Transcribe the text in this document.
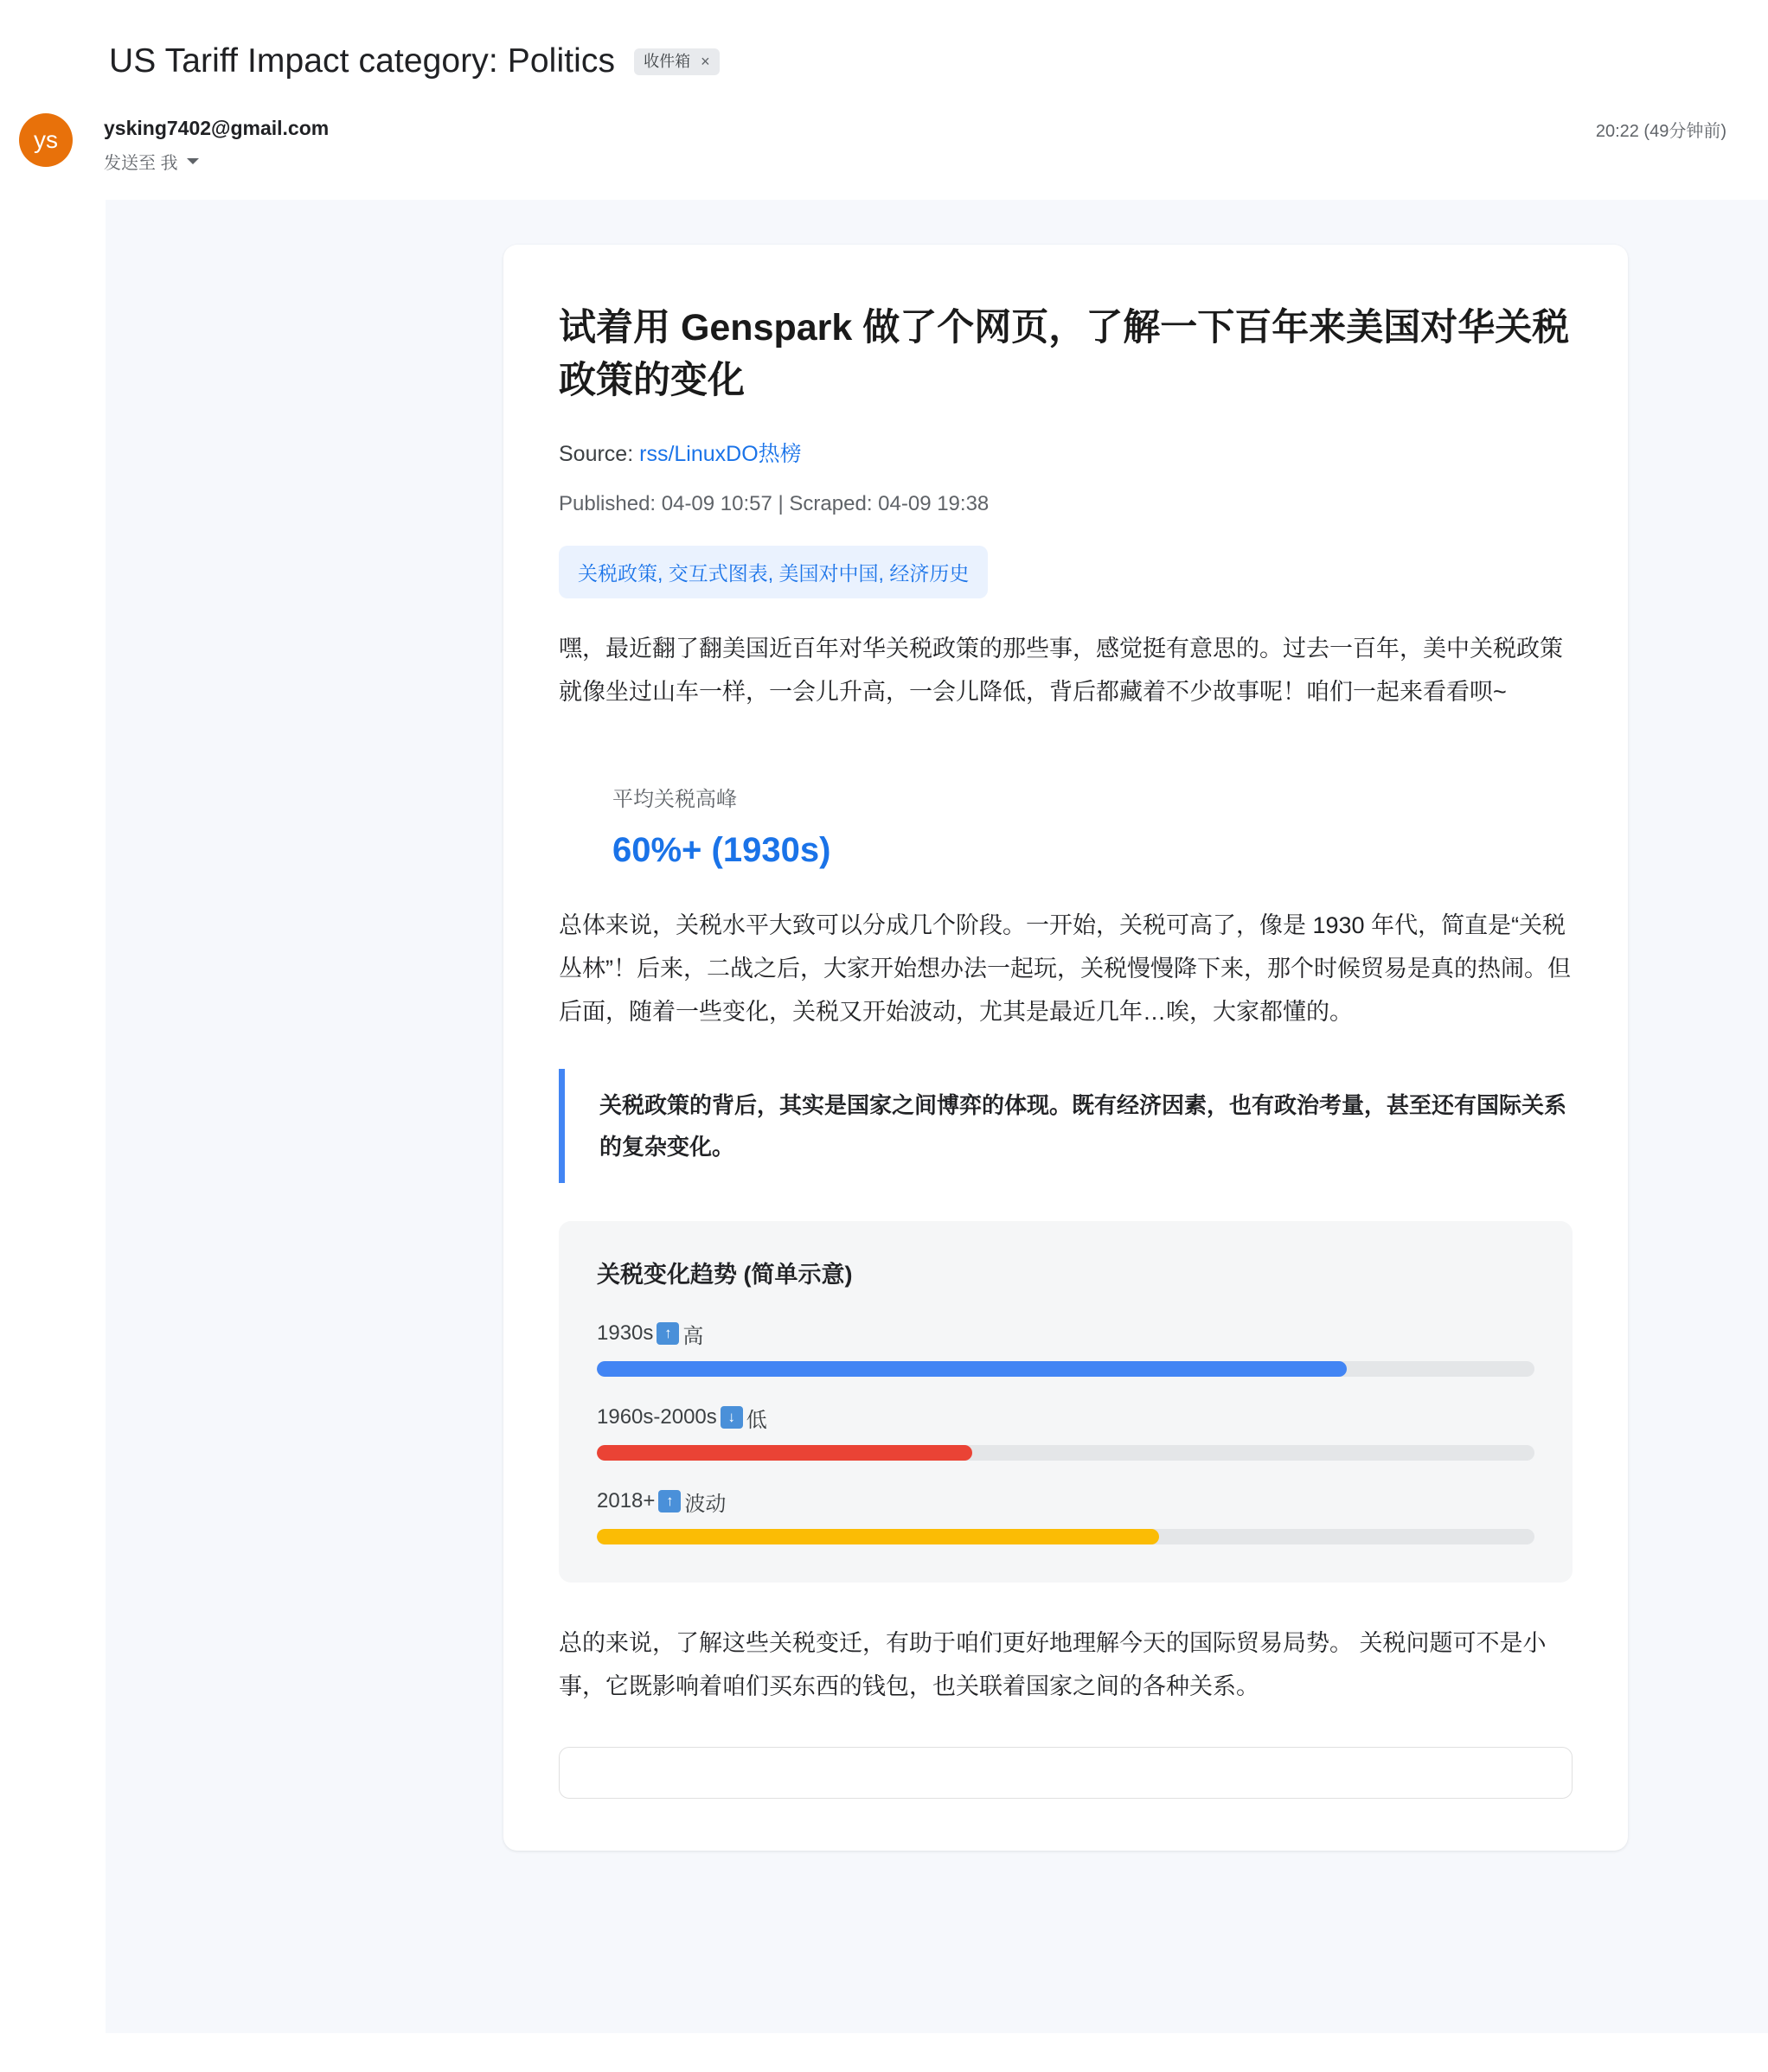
US Tariff Impact category: Politics 收件箱 ×
ys	ysking7402@gmail.com
发送至 我
20:22 (49分钟前)
试着用 Genspark 做了个网页，了解一下百年来美国对华关税政策的变化
Source: rss/LinuxDO热榜
Published: 04-09 10:57 | Scraped: 04-09 19:38
关税政策, 交互式图表, 美国对中国, 经济历史

嘿，最近翻了翻美国近百年对华关税政策的那些事，感觉挺有意思的。过去一百年，美中关税政策就像坐过山车一样，一会儿升高，一会儿降低，背后都藏着不少故事呢！咱们一起来看看呗~

平均关税高峰
60%+ (1930s)

总体来说，关税水平大致可以分成几个阶段。一开始，关税可高了，像是 1930 年代，简直是“关税丛林”！后来，二战之后，大家开始想办法一起玩，关税慢慢降下来，那个时候贸易是真的热闹。但后面，随着一些变化，关税又开始波动，尤其是最近几年…唉，大家都懂的。

关税政策的背后，其实是国家之间博弈的体现。既有经济因素，也有政治考量，甚至还有国际关系的复杂变化。

关税变化趋势 (简单示意)
1930s ↑ 高
1960s-2000s ↓ 低
2018+ ↑ 波动

总的来说，了解这些关税变迁，有助于咱们更好地理解今天的国际贸易局势。 关税问题可不是小事，它既影响着咱们买东西的钱包，也关联着国家之间的各种关系。
